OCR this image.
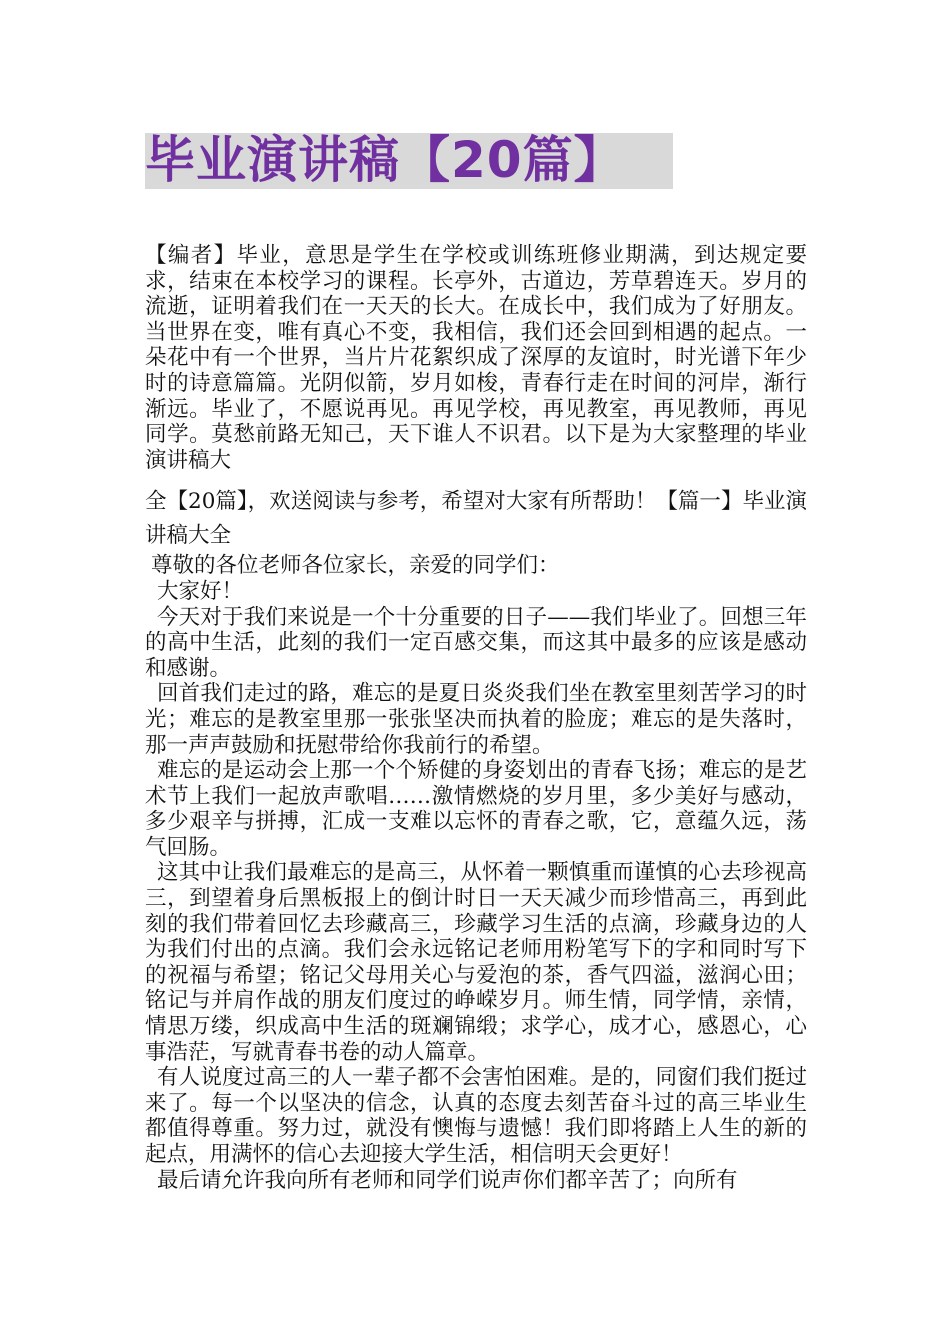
毕业演讲稿【20篇】

【编者】毕业，意思是学生在学校或训练班修业期满，到达规定要求，结束在本校学习的课程。长亭外，古道边，芳草碧连天。岁月的流逝，证明着我们在一天天的长大。在成长中，我们成为了好朋友。当世界在变，唯有真心不变，我相信，我们还会回到相遇的起点。一朵花中有一个世界，当片片花絮织成了深厚的友谊时，时光谱下年少时的诗意篇篇。光阴似箭，岁月如梭，青春行走在时间的河岸，渐行渐远。毕业了，不愿说再见。再见学校，再见教室，再见教师，再见同学。莫愁前路无知己，天下谁人不识君。以下是为大家整理的毕业演讲稿大

全【20篇】，欢送阅读与参考，希望对大家有所帮助！【篇一】毕业演讲稿大全

尊敬的各位老师各位家长，亲爱的同学们：

大家好！

今天对于我们来说是一个十分重要的日子——我们毕业了。回想三年的高中生活，此刻的我们一定百感交集，而这其中最多的应该是感动和感谢。

回首我们走过的路，难忘的是夏日炎炎我们坐在教室里刻苦学习的时光；难忘的是教室里那一张张坚决而执着的脸庞；难忘的是失落时，那一声声鼓励和抚慰带给你我前行的希望。

难忘的是运动会上那一个个矫健的身姿划出的青春飞扬；难忘的是艺术节上我们一起放声歌唱……激情燃烧的岁月里，多少美好与感动，多少艰辛与拼搏，汇成一支难以忘怀的青春之歌，它，意蕴久远，荡气回肠。

这其中让我们最难忘的是高三，从怀着一颗慎重而谨慎的心去珍视高三，到望着身后黑板报上的倒计时日一天天减少而珍惜高三，再到此刻的我们带着回忆去珍藏高三，珍藏学习生活的点滴，珍藏身边的人为我们付出的点滴。我们会永远铭记老师用粉笔写下的字和同时写下的祝福与希望；铭记父母用关心与爱泡的茶，香气四溢，滋润心田；铭记与并肩作战的朋友们度过的峥嵘岁月。师生情，同学情，亲情，情思万缕，织成高中生活的斑斓锦缎；求学心，成才心，感恩心，心事浩茫，写就青春书卷的动人篇章。

有人说度过高三的人一辈子都不会害怕困难。是的，同窗们我们挺过来了。每一个以坚决的信念，认真的态度去刻苦奋斗过的高三毕业生都值得尊重。努力过，就没有懊悔与遗憾！我们即将踏上人生的新的起点，用满怀的信心去迎接大学生活，相信明天会更好！

最后请允许我向所有老师和同学们说声你们都辛苦了；向所有
